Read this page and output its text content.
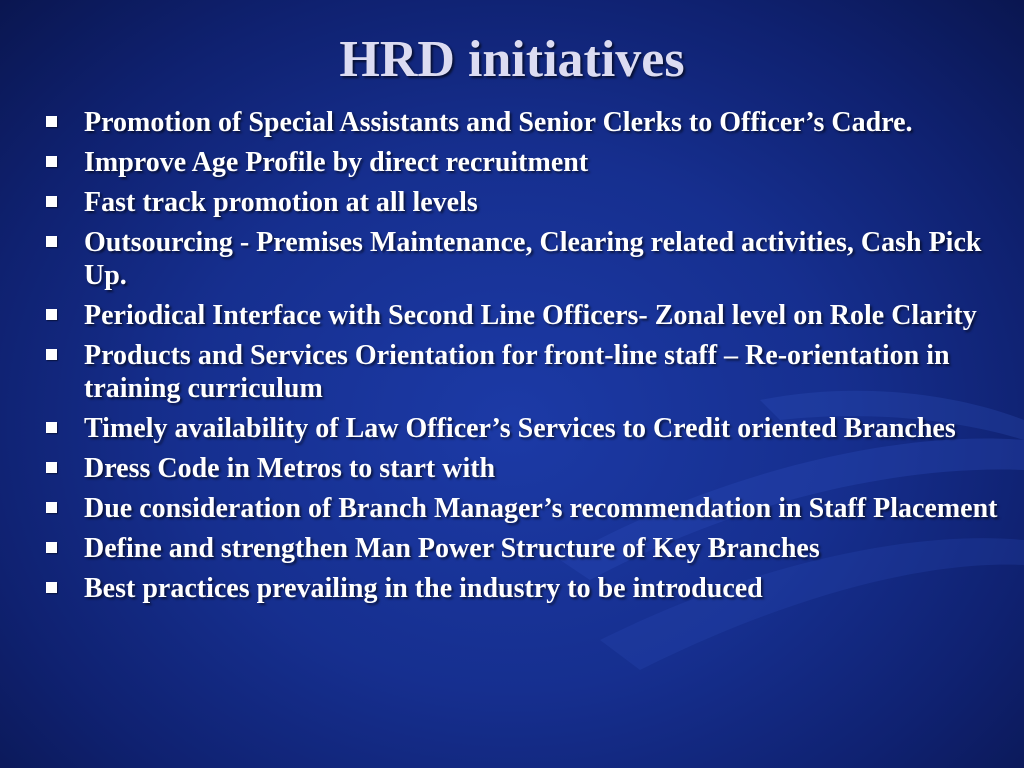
HRD initiatives
Promotion of Special Assistants and Senior Clerks to Officer’s Cadre.
Improve Age Profile by direct recruitment
Fast track promotion at all levels
Outsourcing - Premises Maintenance, Clearing related activities, Cash Pick Up.
Periodical Interface with Second Line Officers- Zonal level on Role Clarity
Products and Services Orientation for front-line staff – Re-orientation in training curriculum
Timely availability of Law Officer’s Services to Credit oriented Branches
Dress Code in Metros to start with
Due consideration of Branch Manager’s recommendation in Staff Placement
Define and strengthen Man Power Structure of Key Branches
Best practices prevailing in the industry to be introduced
